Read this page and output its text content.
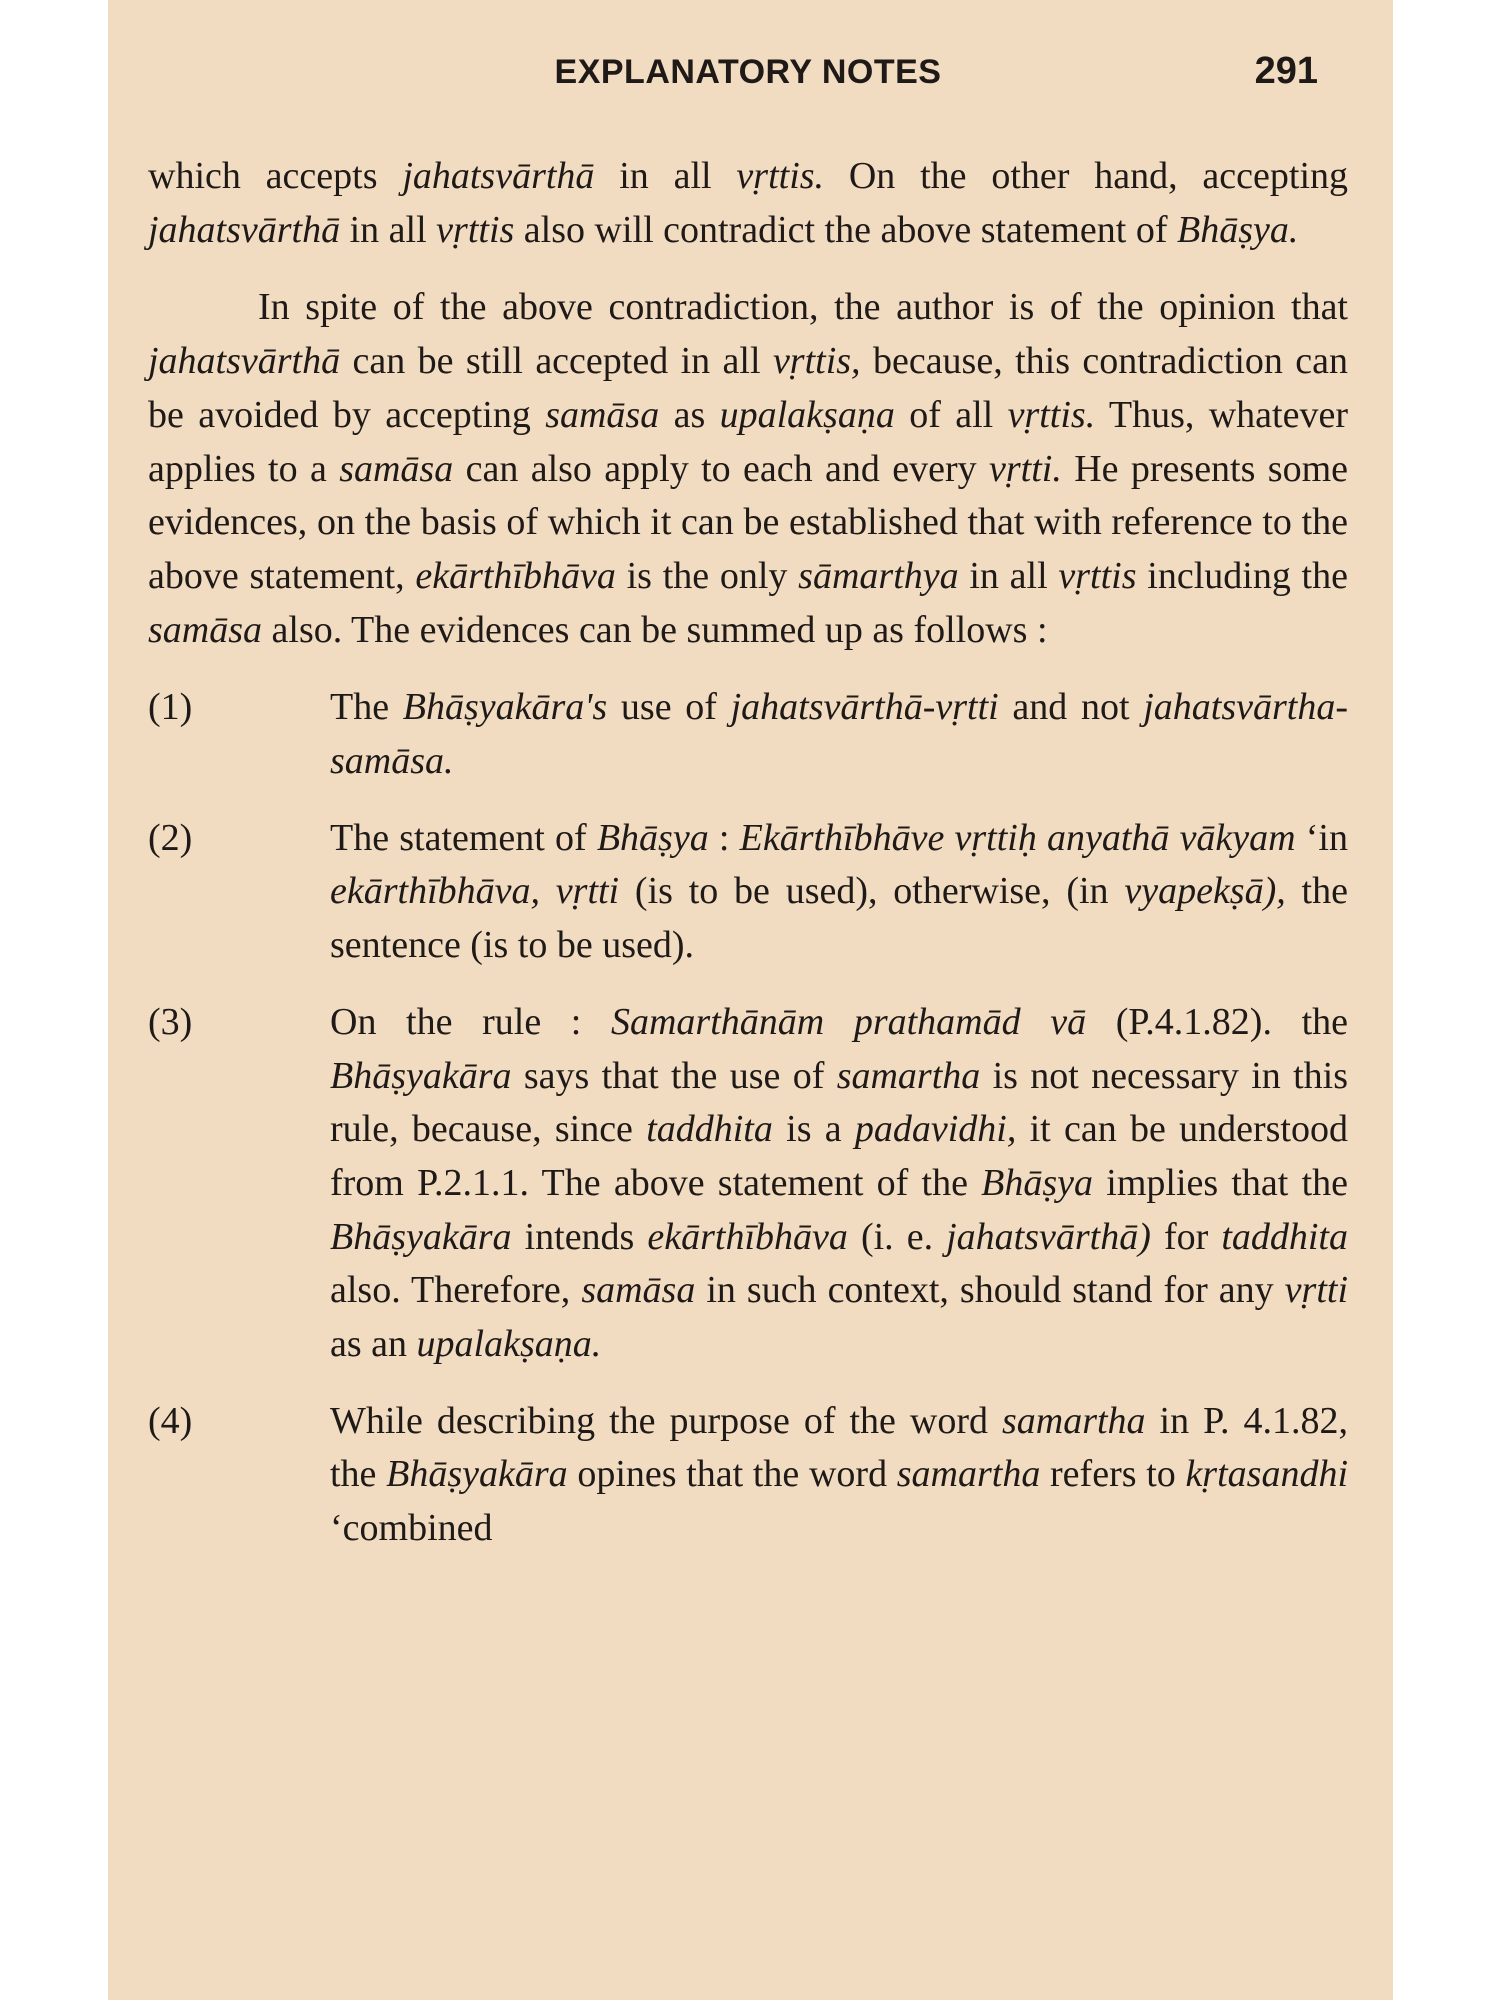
EXPLANATORY NOTES	291

which accepts jahatsvārthā in all vṛttis. On the other hand, accepting jahatsvārthā in all vṛttis also will contradict the above statement of Bhāṣya.

In spite of the above contradiction, the author is of the opinion that jahatsvārthā can be still accepted in all vṛttis, because, this contradiction can be avoided by accepting samāsa as upalakṣaṇa of all vṛttis. Thus, whatever applies to a samāsa can also apply to each and every vṛtti. He presents some evidences, on the basis of which it can be established that with reference to the above statement, ekārthībhāva is the only sāmarthya in all vṛttis including the samāsa also. The evidences can be summed up as follows :

(1)	The Bhāṣyakāra's use of jahatsvārthā-vṛtti and not jahatsvārtha-samāsa.
(2)	The statement of Bhāṣya : Ekārthībhāve vṛttiḥ anyathā vākyam ‘in ekārthībhāva, vṛtti (is to be used), otherwise, (in vyapekṣā), the sentence (is to be used).
(3)	On the rule : Samarthānām prathamād vā (P.4.1.82). the Bhāṣyakāra says that the use of samartha is not necessary in this rule, because, since taddhita is a padavidhi, it can be understood from P.2.1.1. The above statement of the Bhāṣya implies that the Bhāṣyakāra intends ekārthībhāva (i. e. jahatsvārthā) for taddhita also. Therefore, samāsa in such context, should stand for any vṛtti as an upalakṣaṇa.
(4)	While describing the purpose of the word samartha in P. 4.1.82, the Bhāṣyakāra opines that the word samartha refers to kṛtasandhi ‘combined
